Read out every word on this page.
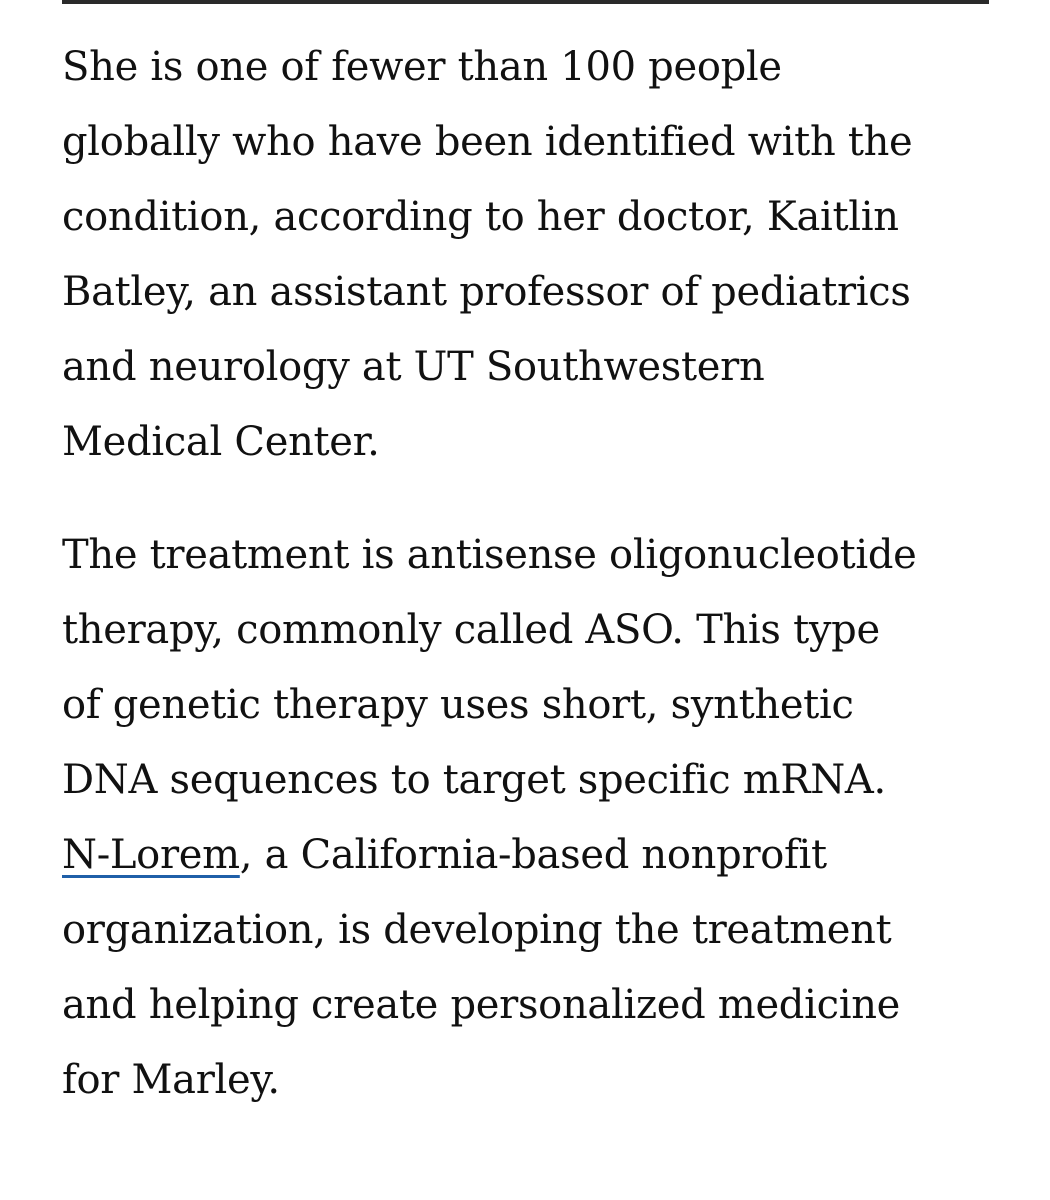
She is one of fewer than 100 people
globally who have been identified with the
condition, according to her doctor, Kaitlin
Batley, an assistant professor of pediatrics
and neurology at UT Southwestern
Medical Center.

The treatment is antisense oligonucleotide
therapy, commonly called ASO. This type
of genetic therapy uses short, synthetic
DNA sequences to target specific mRNA.
N-Lorem, a California-based nonprofit
organization, is developing the treatment
and helping create personalized medicine
for Marley.
